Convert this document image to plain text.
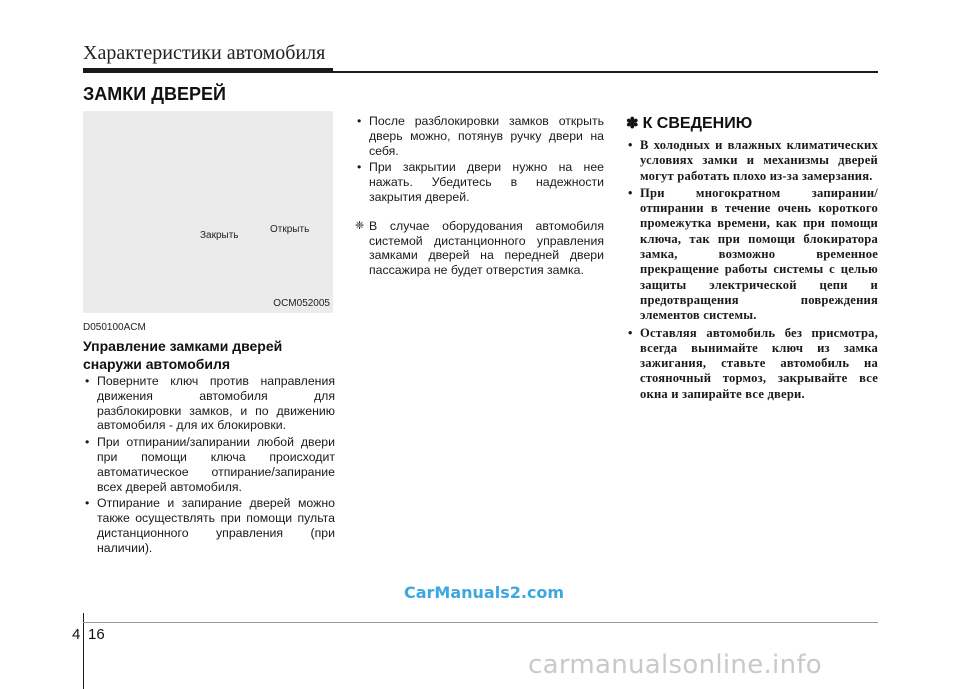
Характеристики автомобиля
ЗАМКИ ДВЕРЕЙ
Закрыть
Открыть
OCM052005
D050100ACM
Управление замками дверей снаружи автомобиля
• Поверните ключ против направления движения автомобиля для разблокировки замков, и по движению автомобиля - для их блокировки.
• При отпирании/запирании любой двери при помощи ключа происходит автоматическое отпирание/запирание всех дверей автомобиля.
• Отпирание и запирание дверей можно также осуществлять при помощи пульта дистанционного управления (при наличии).
• После разблокировки замков открыть дверь можно, потянув ручку двери на себя.
• При закрытии двери нужно на нее нажать. Убедитесь в надежности закрытия дверей.
❈ В случае оборудования автомобиля системой дистанционного управления замками дверей на передней двери пассажира не будет отверстия замка.
✽ К СВЕДЕНИЮ
• В холодных и влажных климатических условиях замки и механизмы дверей могут работать плохо из-за замерзания.
• При многократном запирании/отпирании в течение очень короткого промежутка времени, как при помощи ключа, так при помощи блокиратора замка, возможно временное прекращение работы системы с целью защиты электрической цепи и предотвращения повреждения элементов системы.
• Оставляя автомобиль без присмотра, всегда вынимайте ключ из замка зажигания, ставьте автомобиль на стояночный тормоз, закрывайте все окна и запирайте все двери.
CarManuals2.com
4 16
carmanualsonline.info
